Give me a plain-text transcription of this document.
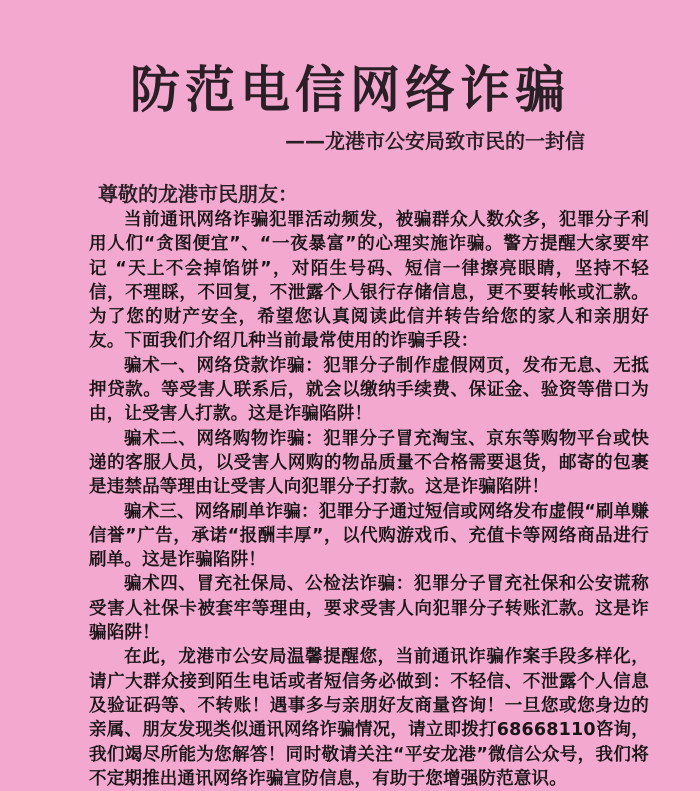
防范电信网络诈骗
——龙港市公安局致市民的一封信
尊敬的龙港市民朋友：

当前通讯网络诈骗犯罪活动频发，被骗群众人数众多，犯罪分子利用人们“贪图便宜”、“一夜暴富”的心理实施诈骗。警方提醒大家要牢记 “天上不会掉馅饼”，对陌生号码、短信一律擦亮眼睛，坚持不轻信，不理睬，不回复，不泄露个人银行存储信息，更不要转帐或汇款。为了您的财产安全，希望您认真阅读此信并转告给您的家人和亲朋好友。下面我们介绍几种当前最常使用的诈骗手段：

骗术一、网络贷款诈骗：犯罪分子制作虚假网页，发布无息、无抵押贷款。等受害人联系后，就会以缴纳手续费、保证金、验资等借口为由，让受害人打款。这是诈骗陷阱！

骗术二、网络购物诈骗：犯罪分子冒充淘宝、京东等购物平台或快递的客服人员，以受害人网购的物品质量不合格需要退货，邮寄的包裹是违禁品等理由让受害人向犯罪分子打款。这是诈骗陷阱！

骗术三、网络刷单诈骗：犯罪分子通过短信或网络发布虚假“刷单赚信誉”广告，承诺“报酬丰厚”，以代购游戏币、充值卡等网络商品进行刷单。这是诈骗陷阱！

骗术四、冒充社保局、公检法诈骗：犯罪分子冒充社保和公安谎称受害人社保卡被套牢等理由，要求受害人向犯罪分子转账汇款。这是诈骗陷阱！

在此，龙港市公安局温馨提醒您，当前通讯诈骗作案手段多样化，请广大群众接到陌生电话或者短信务必做到：不轻信、不泄露个人信息及验证码等、不转账！遇事多与亲朋好友商量咨询！一旦您或您身边的亲属、朋友发现类似通讯网络诈骗情况，请立即拨打68668110咨询，我们竭尽所能为您解答！同时敬请关注“平安龙港”微信公众号，我们将不定期推出通讯网络诈骗宣防信息，有助于您增强防范意识。
